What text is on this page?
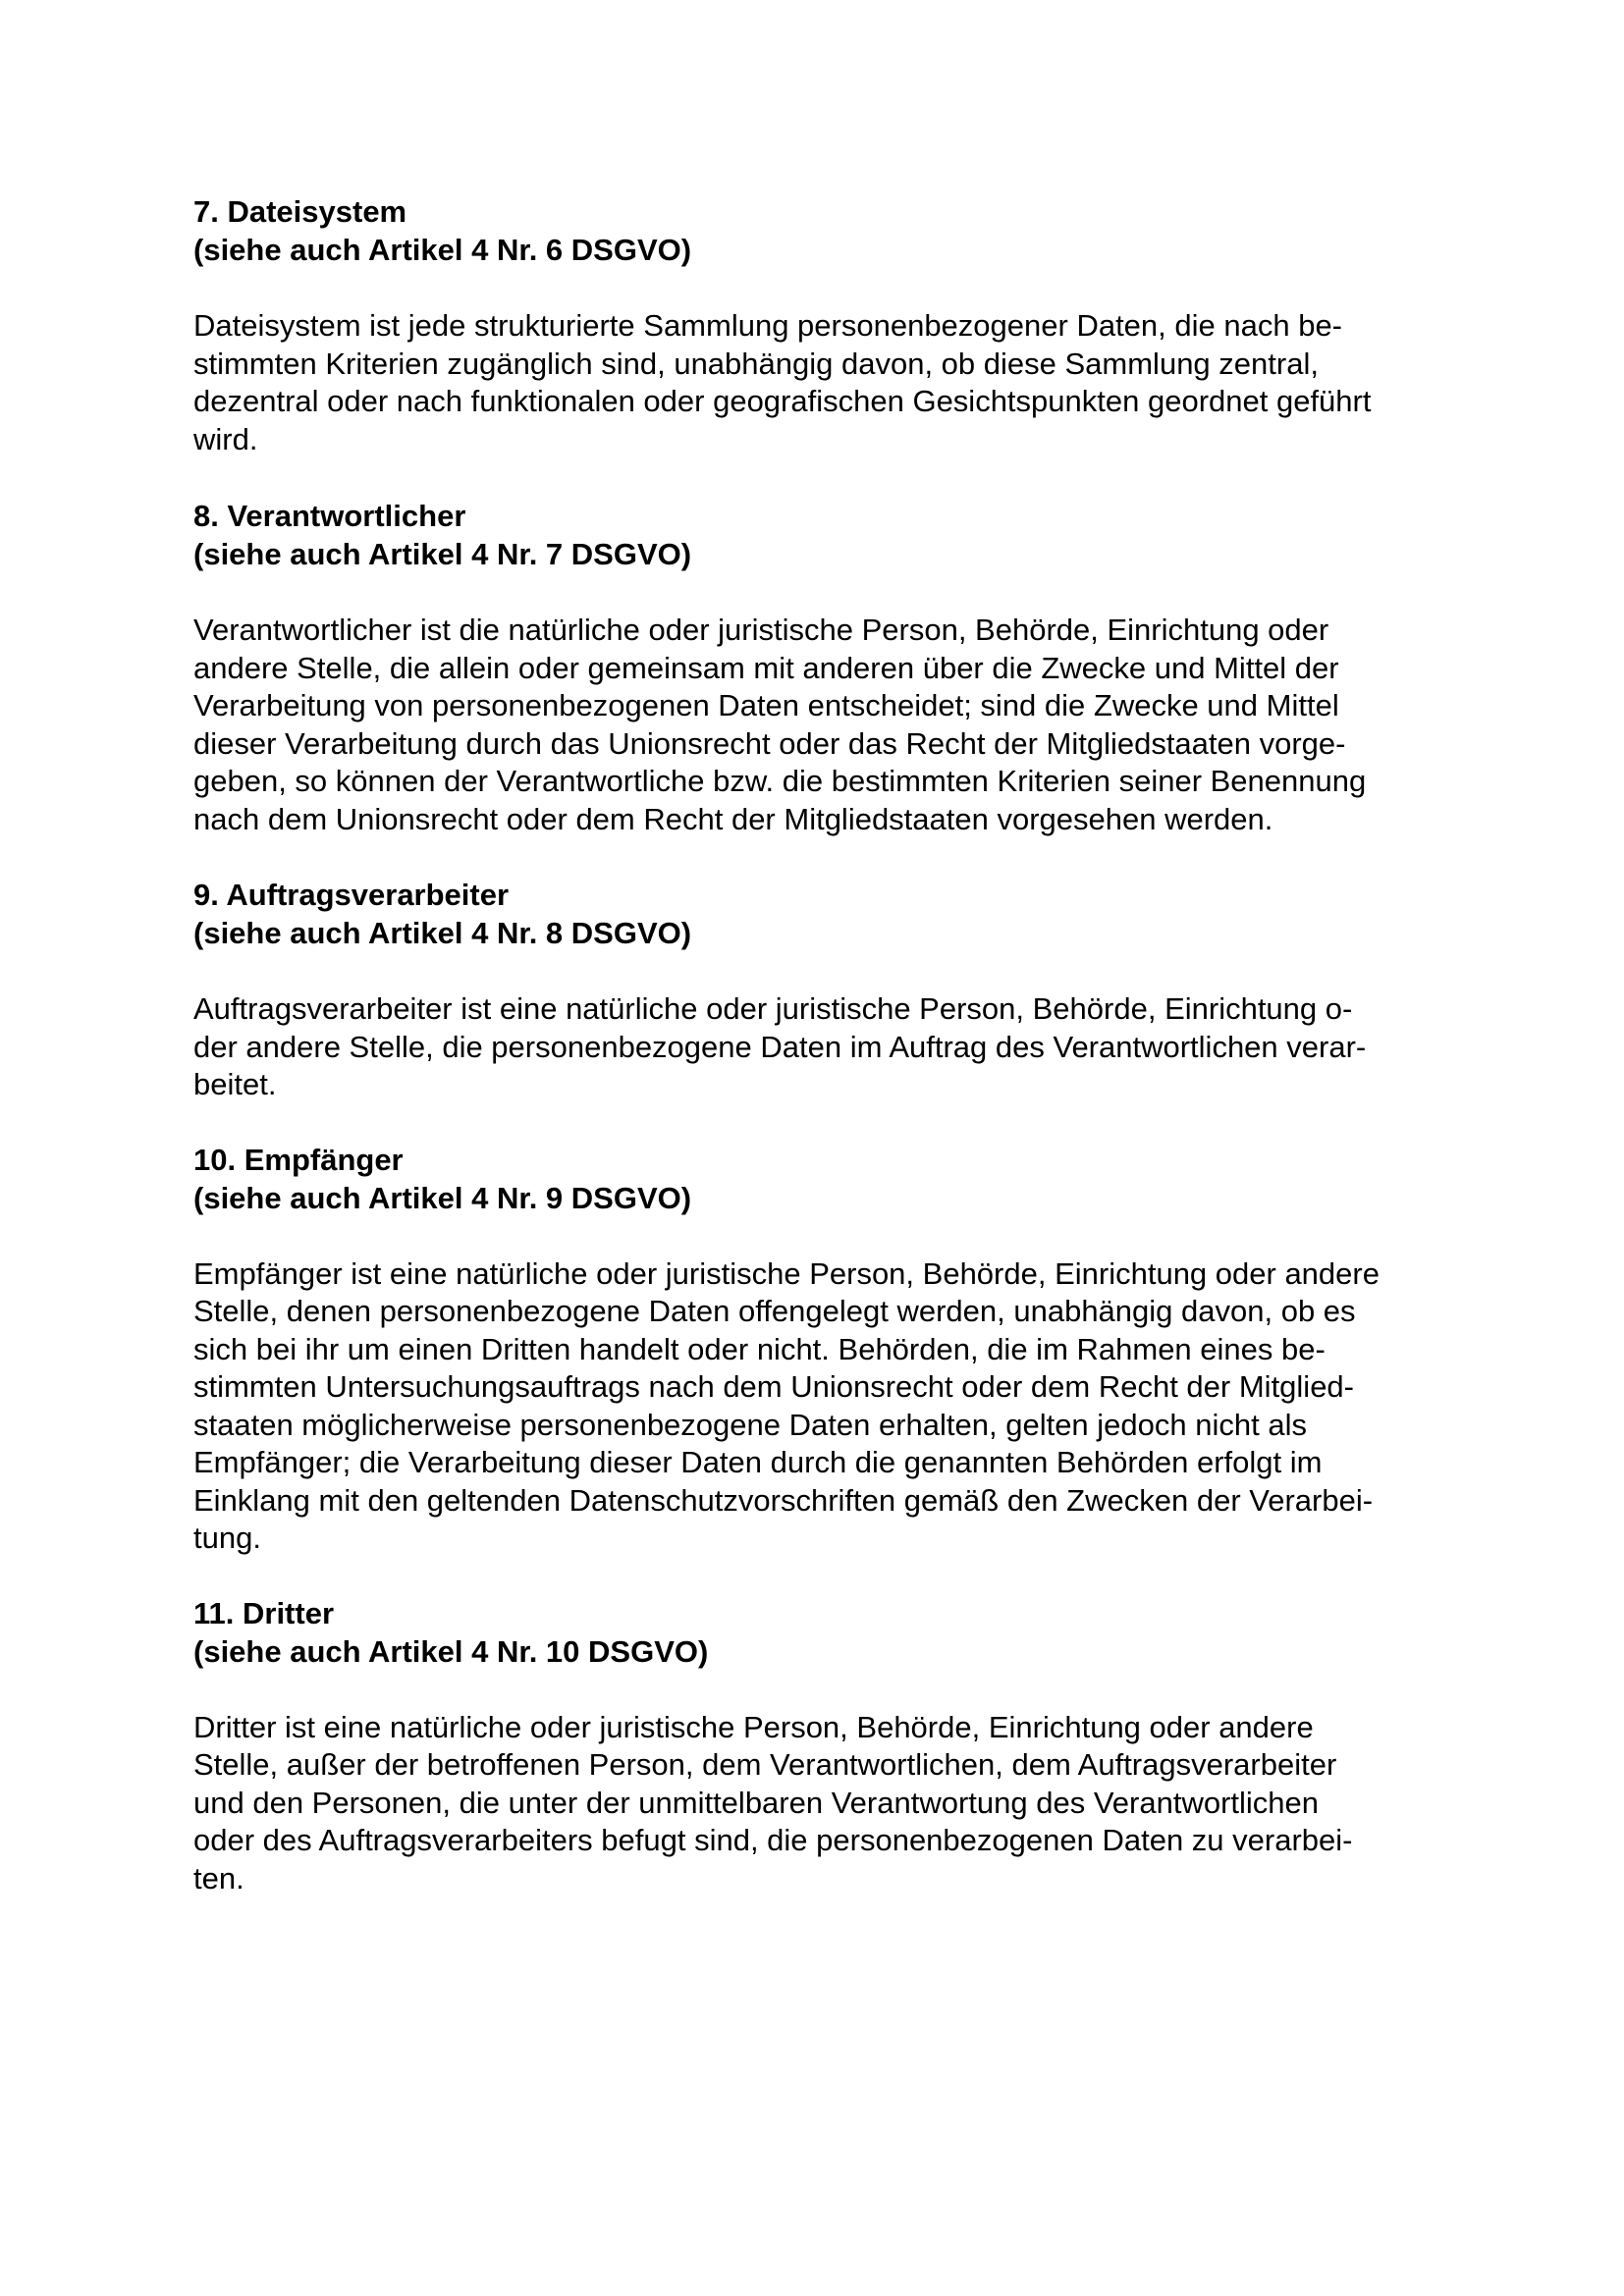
7. Dateisystem
(siehe auch Artikel 4 Nr. 6 DSGVO)

Dateisystem ist jede strukturierte Sammlung personenbezogener Daten, die nach be-
stimmten Kriterien zugänglich sind, unabhängig davon, ob diese Sammlung zentral,
dezentral oder nach funktionalen oder geografischen Gesichtspunkten geordnet geführt
wird.

8. Verantwortlicher
(siehe auch Artikel 4 Nr. 7 DSGVO)

Verantwortlicher ist die natürliche oder juristische Person, Behörde, Einrichtung oder
andere Stelle, die allein oder gemeinsam mit anderen über die Zwecke und Mittel der
Verarbeitung von personenbezogenen Daten entscheidet; sind die Zwecke und Mittel
dieser Verarbeitung durch das Unionsrecht oder das Recht der Mitgliedstaaten vorge-
geben, so können der Verantwortliche bzw. die bestimmten Kriterien seiner Benennung
nach dem Unionsrecht oder dem Recht der Mitgliedstaaten vorgesehen werden.

9. Auftragsverarbeiter
(siehe auch Artikel 4 Nr. 8 DSGVO)

Auftragsverarbeiter ist eine natürliche oder juristische Person, Behörde, Einrichtung o-
der andere Stelle, die personenbezogene Daten im Auftrag des Verantwortlichen verar-
beitet.

10. Empfänger
(siehe auch Artikel 4 Nr. 9 DSGVO)

Empfänger ist eine natürliche oder juristische Person, Behörde, Einrichtung oder andere
Stelle, denen personenbezogene Daten offengelegt werden, unabhängig davon, ob es
sich bei ihr um einen Dritten handelt oder nicht. Behörden, die im Rahmen eines be-
stimmten Untersuchungsauftrags nach dem Unionsrecht oder dem Recht der Mitglied-
staaten möglicherweise personenbezogene Daten erhalten, gelten jedoch nicht als
Empfänger; die Verarbeitung dieser Daten durch die genannten Behörden erfolgt im
Einklang mit den geltenden Datenschutzvorschriften gemäß den Zwecken der Verarbei-
tung.

11. Dritter
(siehe auch Artikel 4 Nr. 10 DSGVO)

Dritter ist eine natürliche oder juristische Person, Behörde, Einrichtung oder andere
Stelle, außer der betroffenen Person, dem Verantwortlichen, dem Auftragsverarbeiter
und den Personen, die unter der unmittelbaren Verantwortung des Verantwortlichen
oder des Auftragsverarbeiters befugt sind, die personenbezogenen Daten zu verarbei-
ten.
